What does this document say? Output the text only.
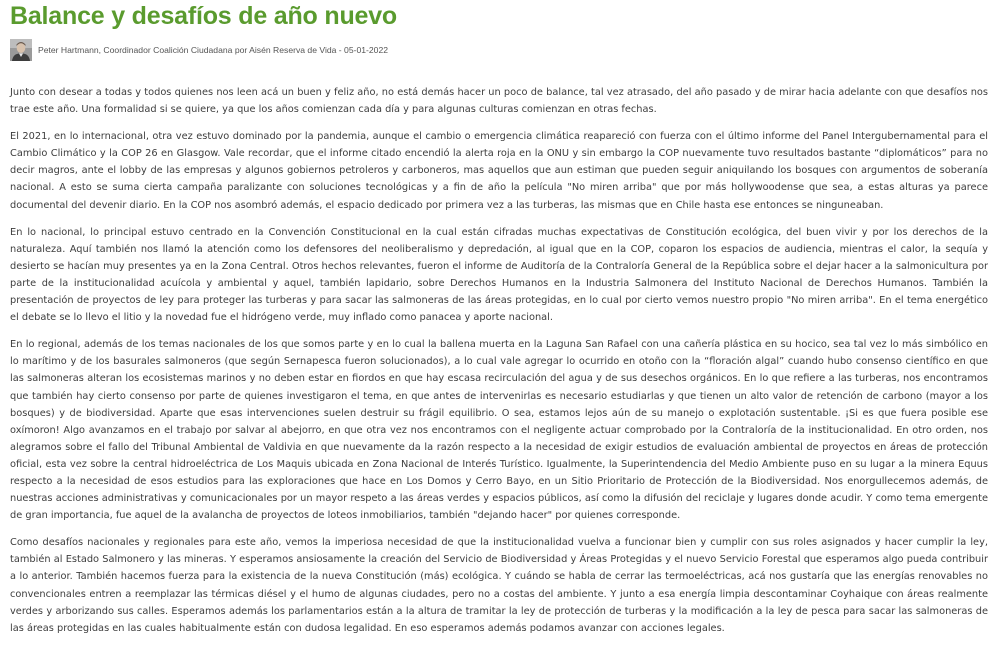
Balance y desafíos de año nuevo
Peter Hartmann, Coordinador Coalición Ciudadana por Aisén Reserva de Vida - 05-01-2022

Junto con desear a todas y todos quienes nos leen acá un buen y feliz año, no está demás hacer un poco de balance, tal vez atrasado, del año pasado y de mirar hacia adelante con que desafíos nos trae este año. Una formalidad si se quiere, ya que los años comienzan cada día y para algunas culturas comienzan en otras fechas.

El 2021, en lo internacional, otra vez estuvo dominado por la pandemia, aunque el cambio o emergencia climática reapareció con fuerza con el último informe del Panel Intergubernamental para el Cambio Climático y la COP 26 en Glasgow. Vale recordar, que el informe citado encendió la alerta roja en la ONU y sin embargo la COP nuevamente tuvo resultados bastante “diplomáticos” para no decir magros, ante el lobby de las empresas y algunos gobiernos petroleros y carboneros, mas aquellos que aun estiman que pueden seguir aniquilando los bosques con argumentos de soberanía nacional. A esto se suma cierta campaña paralizante con soluciones tecnológicas y a fin de año la película "No miren arriba" que por más hollywoodense que sea, a estas alturas ya parece documental del devenir diario. En la COP nos asombró además, el espacio dedicado por primera vez a las turberas, las mismas que en Chile hasta ese entonces se ninguneaban.

En lo nacional, lo principal estuvo centrado en la Convención Constitucional en la cual están cifradas muchas expectativas de Constitución ecológica, del buen vivir y por los derechos de la naturaleza. Aquí también nos llamó la atención como los defensores del neoliberalismo y depredación, al igual que en la COP, coparon los espacios de audiencia, mientras el calor, la sequía y desierto se hacían muy presentes ya en la Zona Central. Otros hechos relevantes, fueron el informe de Auditoría de la Contraloría General de la República sobre el dejar hacer a la salmonicultura por parte de la institucionalidad acuícola y ambiental y aquel, también lapidario, sobre Derechos Humanos en la Industria Salmonera del Instituto Nacional de Derechos Humanos. También la presentación de proyectos de ley para proteger las turberas y para sacar las salmoneras de las áreas protegidas, en lo cual por cierto vemos nuestro propio "No miren arriba". En el tema energético el debate se lo llevo el litio y la novedad fue el hidrógeno verde, muy inflado como panacea y aporte nacional.

En lo regional, además de los temas nacionales de los que somos parte y en lo cual la ballena muerta en la Laguna San Rafael con una cañería plástica en su hocico, sea tal vez lo más simbólico en lo marítimo y de los basurales salmoneros (que según Sernapesca fueron solucionados), a lo cual vale agregar lo ocurrido en otoño con la “floración algal” cuando hubo consenso científico en que las salmoneras alteran los ecosistemas marinos y no deben estar en fiordos en que hay escasa recirculación del agua y de sus desechos orgánicos. En lo que refiere a las turberas, nos encontramos que también hay cierto consenso por parte de quienes investigaron el tema, en que antes de intervenirlas es necesario estudiarlas y que tienen un alto valor de retención de carbono (mayor a los bosques) y de biodiversidad. Aparte que esas intervenciones suelen destruir su frágil equilibrio. O sea, estamos lejos aún de su manejo o explotación sustentable. ¡Si es que fuera posible ese oxímoron! Algo avanzamos en el trabajo por salvar al abejorro, en que otra vez nos encontramos con el negligente actuar comprobado por la Contraloría de la institucionalidad. En otro orden, nos alegramos sobre el fallo del Tribunal Ambiental de Valdivia en que nuevamente da la razón respecto a la necesidad de exigir estudios de evaluación ambiental de proyectos en áreas de protección oficial, esta vez sobre la central hidroeléctrica de Los Maquis ubicada en Zona Nacional de Interés Turístico. Igualmente, la Superintendencia del Medio Ambiente puso en su lugar a la minera Equus respecto a la necesidad de esos estudios para las exploraciones que hace en Los Domos y Cerro Bayo, en un Sitio Prioritario de Protección de la Biodiversidad. Nos enorgullecemos además, de nuestras acciones administrativas y comunicacionales por un mayor respeto a las áreas verdes y espacios públicos, así como la difusión del reciclaje y lugares donde acudir. Y como tema emergente de gran importancia, fue aquel de la avalancha de proyectos de loteos inmobiliarios, también "dejando hacer" por quienes corresponde.

Como desafíos nacionales y regionales para este año, vemos la imperiosa necesidad de que la institucionalidad vuelva a funcionar bien y cumplir con sus roles asignados y hacer cumplir la ley, también al Estado Salmonero y las mineras. Y esperamos ansiosamente la creación del Servicio de Biodiversidad y Áreas Protegidas y el nuevo Servicio Forestal que esperamos algo pueda contribuir a lo anterior. También hacemos fuerza para la existencia de la nueva Constitución (más) ecológica. Y cuándo se habla de cerrar las termoeléctricas, acá nos gustaría que las energías renovables no convencionales entren a reemplazar las térmicas diésel y el humo de algunas ciudades, pero no a costas del ambiente. Y junto a esa energía limpia descontaminar Coyhaique con áreas realmente verdes y arborizando sus calles. Esperamos además los parlamentarios están a la altura de tramitar la ley de protección de turberas y la modificación a la ley de pesca para sacar las salmoneras de las áreas protegidas en las cuales habitualmente están con dudosa legalidad. En eso esperamos además podamos avanzar con acciones legales.
